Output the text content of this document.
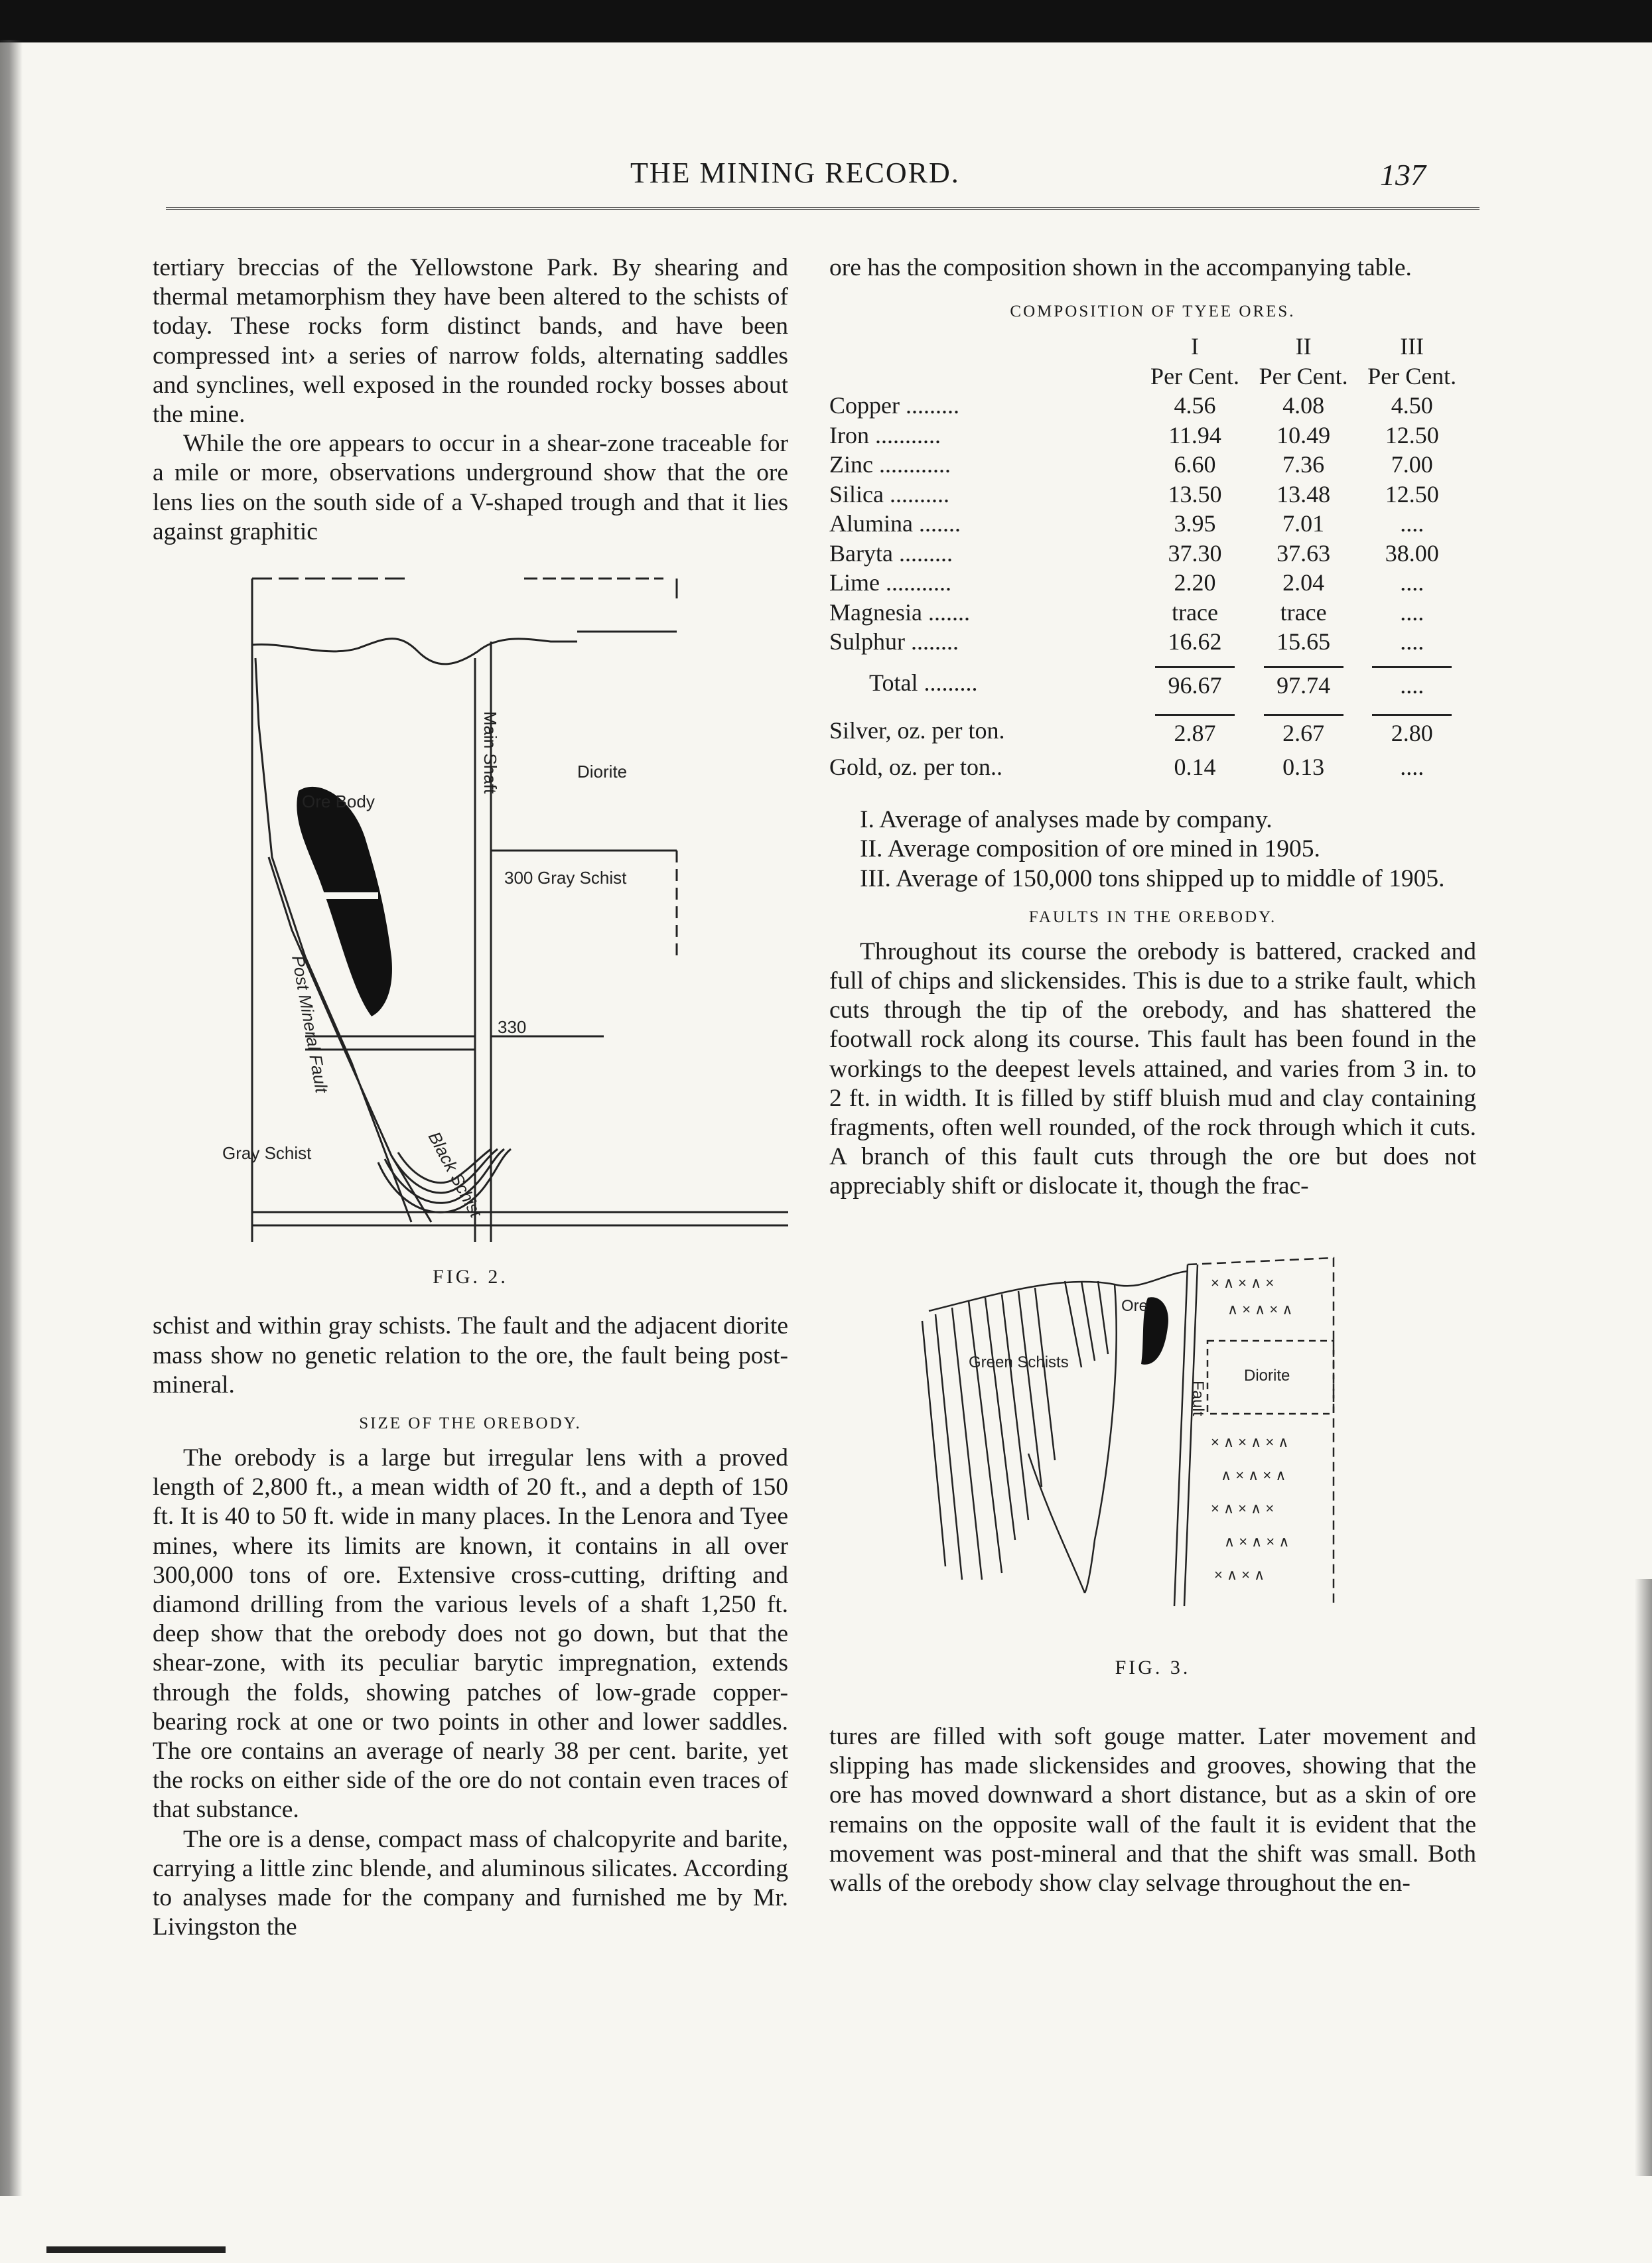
THE MINING RECORD.	137

tertiary breccias of the Yellowstone Park. By shearing and thermal metamorphism they have been altered to the schists of today. These rocks form distinct bands, and have been compressed int› a series of narrow folds, alternating saddles and synclines, well exposed in the rounded rocky bosses about the mine.

While the ore appears to occur in a shear-zone traceable for a mile or more, observations underground show that the ore lens lies on the south side of a V-shaped trough and that it lies against graphitic

Ore Body
Diorite
300 Gray Schist
330
Gray Schist
Main Shaft
Post Mineral Fault
Black Schist
FIG. 2.

schist and within gray schists. The fault and the adjacent diorite mass show no genetic relation to the ore, the fault being post-mineral.

SIZE OF THE OREBODY.

The orebody is a large but irregular lens with a proved length of 2,800 ft., a mean width of 20 ft., and a depth of 150 ft. It is 40 to 50 ft. wide in many places. In the Lenora and Tyee mines, where its limits are known, it contains in all over 300,000 tons of ore. Extensive cross-cutting, drifting and diamond drilling from the various levels of a shaft 1,250 ft. deep show that the orebody does not go down, but that the shear-zone, with its peculiar barytic impregnation, extends through the folds, showing patches of low-grade copper-bearing rock at one or two points in other and lower saddles. The ore contains an average of nearly 38 per cent. barite, yet the rocks on either side of the ore do not contain even traces of that substance.

The ore is a dense, compact mass of chalcopyrite and barite, carrying a little zinc blende, and aluminous silicates. According to analyses made for the company and furnished me by Mr. Livingston the

ore has the composition shown in the accompanying table.

COMPOSITION OF TYEE ORES.
	I	II	III
	Per Cent.	Per Cent.	Per Cent.
Copper .........	4.56	4.08	4.50
Iron ...........	11.94	10.49	12.50
Zinc ............	6.60	7.36	7.00
Silica ..........	13.50	13.48	12.50
Alumina .......	3.95	7.01	....
Baryta .........	37.30	37.63	38.00
Lime ...........	2.20	2.04	....
Magnesia .......	trace	trace	....
Sulphur ........	16.62	15.65	....
Total .........	96.67	97.74	....
Silver, oz. per ton.	2.87	2.67	2.80
Gold, oz. per ton..	0.14	0.13	....

I. Average of analyses made by company.

II. Average composition of ore mined in 1905.

III. Average of 150,000 tons shipped up to middle of 1905.

FAULTS IN THE OREBODY.

Throughout its course the orebody is battered, cracked and full of chips and slickensides. This is due to a strike fault, which cuts through the tip of the orebody, and has shattered the footwall rock along its course. This fault has been found in the workings to the deepest levels attained, and varies from 3 in. to 2 ft. in width. It is filled by stiff bluish mud and clay containing fragments, often well rounded, of the rock through which it cuts. A branch of this fault cuts through the ore but does not appreciably shift or dislocate it, though the frac-

× ∧ × ∧ ×
∧ × ∧ × ∧
× ∧ × ∧ × ∧
∧ × ∧ × ∧
× ∧ × ∧ ×
∧ × ∧ × ∧
× ∧ × ∧
Green Schists
Ore
Diorite
Fault
FIG. 3.

tures are filled with soft gouge matter. Later movement and slipping has made slickensides and grooves, showing that the ore has moved downward a short distance, but as a skin of ore remains on the opposite wall of the fault it is evident that the movement was post-mineral and that the shift was small. Both walls of the orebody show clay selvage throughout the en-
